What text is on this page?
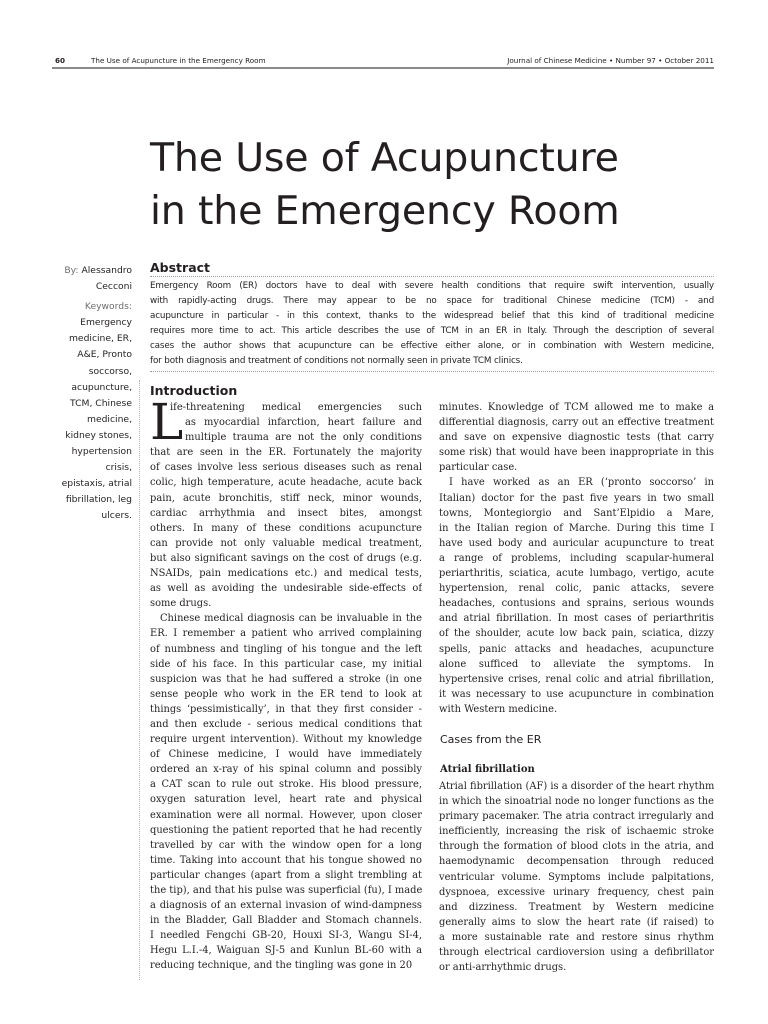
60	The Use of Acupuncture in the Emergency Room	Journal of Chinese Medicine • Number 97 • October 2011
The Use of Acupuncture
in the Emergency Room
By: Alessandro
Cecconi
Keywords:
Emergency
medicine, ER,
A&E, Pronto
soccorso,
acupuncture,
TCM, Chinese
medicine,
kidney stones,
hypertension
crisis,
epistaxis, atrial
fibrillation, leg
ulcers.
Abstract
Emergency Room (ER) doctors have to deal with severe health conditions that require swift intervention, usually
with rapidly-acting drugs. There may appear to be no space for traditional Chinese medicine (TCM) - and
acupuncture in particular - in this context, thanks to the widespread belief that this kind of traditional medicine
requires more time to act. This article describes the use of TCM in an ER in Italy. Through the description of several
cases the author shows that acupuncture can be effective either alone, or in combination with Western medicine,
for both diagnosis and treatment of conditions not normally seen in private TCM clinics.
Introduction
L
ife-threatening medical emergencies such
as myocardial infarction, heart failure and
multiple trauma are not the only conditions
that are seen in the ER. Fortunately the majority
of cases involve less serious diseases such as renal
colic, high temperature, acute headache, acute back
pain, acute bronchitis, stiff neck, minor wounds,
cardiac arrhythmia and insect bites, amongst
others. In many of these conditions acupuncture
can provide not only valuable medical treatment,
but also significant savings on the cost of drugs (e.g.
NSAIDs, pain medications etc.) and medical tests,
as well as avoiding the undesirable side-effects of
some drugs.
Chinese medical diagnosis can be invaluable in the
ER. I remember a patient who arrived complaining
of numbness and tingling of his tongue and the left
side of his face. In this particular case, my initial
suspicion was that he had suffered a stroke (in one
sense people who work in the ER tend to look at
things ‘pessimistically’, in that they first consider -
and then exclude - serious medical conditions that
require urgent intervention). Without my knowledge
of Chinese medicine, I would have immediately
ordered an x-ray of his spinal column and possibly
a CAT scan to rule out stroke. His blood pressure,
oxygen saturation level, heart rate and physical
examination were all normal. However, upon closer
questioning the patient reported that he had recently
travelled by car with the window open for a long
time. Taking into account that his tongue showed no
particular changes (apart from a slight trembling at
the tip), and that his pulse was superficial (fu), I made
a diagnosis of an external invasion of wind-dampness
in the Bladder, Gall Bladder and Stomach channels.
I needled Fengchi GB-20, Houxi SI-3, Wangu SI-4,
Hegu L.I.-4, Waiguan SJ-5 and Kunlun BL-60 with a
reducing technique, and the tingling was gone in 20
minutes. Knowledge of TCM allowed me to make a
differential diagnosis, carry out an effective treatment
and save on expensive diagnostic tests (that carry
some risk) that would have been inappropriate in this
particular case.
I have worked as an ER (‘pronto soccorso’ in
Italian) doctor for the past five years in two small
towns, Montegiorgio and Sant’Elpidio a Mare,
in the Italian region of Marche. During this time I
have used body and auricular acupuncture to treat
a range of problems, including scapular-humeral
periarthritis, sciatica, acute lumbago, vertigo, acute
hypertension, renal colic, panic attacks, severe
headaches, contusions and sprains, serious wounds
and atrial fibrillation. In most cases of periarthritis
of the shoulder, acute low back pain, sciatica, dizzy
spells, panic attacks and headaches, acupuncture
alone sufficed to alleviate the symptoms. In
hypertensive crises, renal colic and atrial fibrillation,
it was necessary to use acupuncture in combination
with Western medicine.
Cases from the ER
Atrial fibrillation
Atrial fibrillation (AF) is a disorder of the heart rhythm
in which the sinoatrial node no longer functions as the
primary pacemaker. The atria contract irregularly and
inefficiently, increasing the risk of ischaemic stroke
through the formation of blood clots in the atria, and
haemodynamic decompensation through reduced
ventricular volume. Symptoms include palpitations,
dyspnoea, excessive urinary frequency, chest pain
and dizziness. Treatment by Western medicine
generally aims to slow the heart rate (if raised) to
a more sustainable rate and restore sinus rhythm
through electrical cardioversion using a defibrillator
or anti-arrhythmic drugs.
